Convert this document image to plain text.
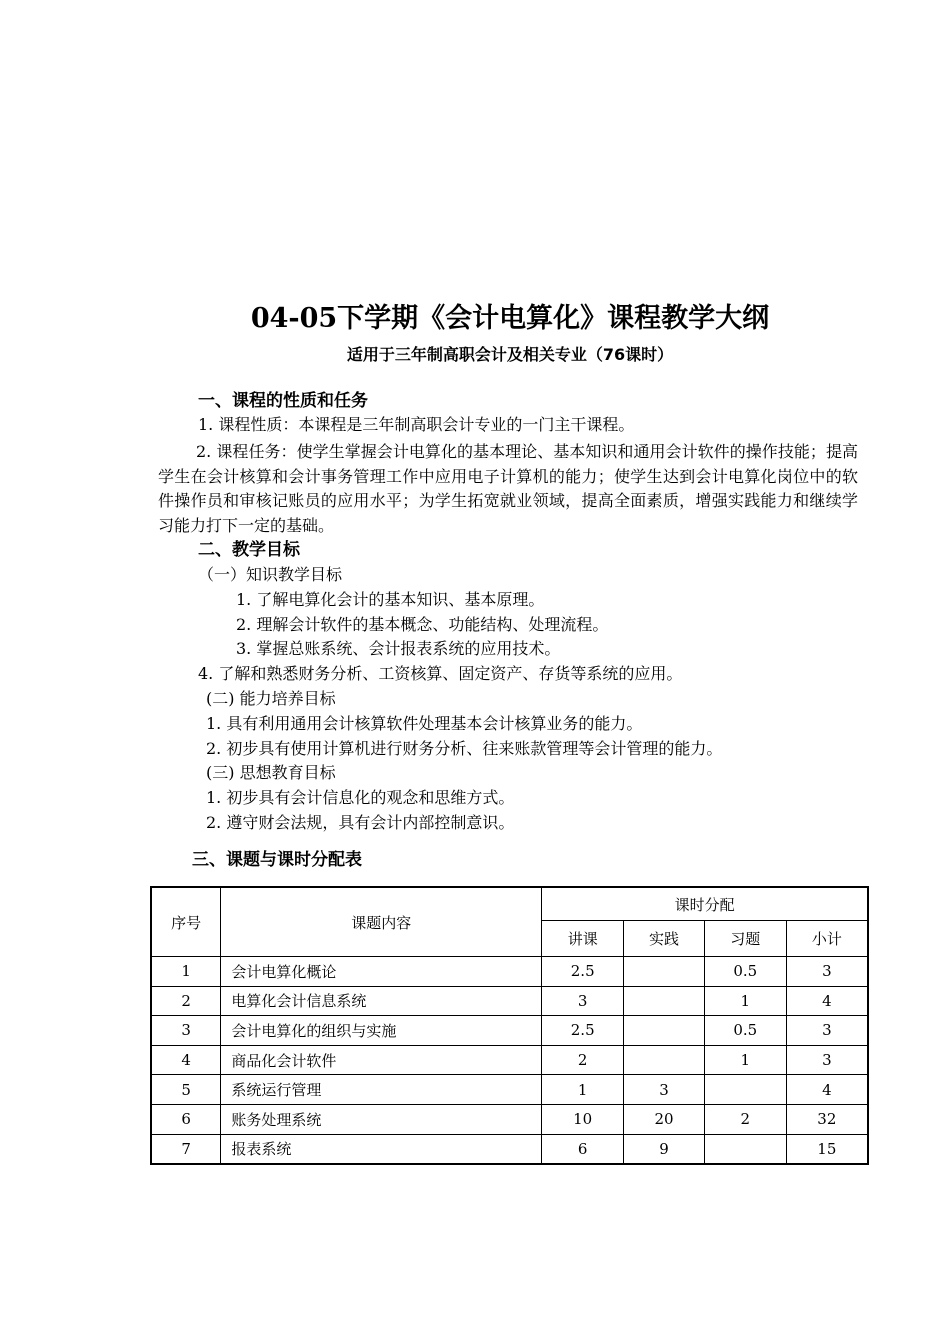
04-05下学期《会计电算化》课程教学大纲
适用于三年制高职会计及相关专业（76课时）
一、课程的性质和任务
1. 课程性质：本课程是三年制高职会计专业的一门主干课程。
2. 课程任务：使学生掌握会计电算化的基本理论、基本知识和通用会计软件的操作技能；提高学生在会计核算和会计事务管理工作中应用电子计算机的能力；使学生达到会计电算化岗位中的软件操作员和审核记账员的应用水平；为学生拓宽就业领域，提高全面素质，增强实践能力和继续学习能力打下一定的基础。
二、教学目标
（一）知识教学目标
1. 了解电算化会计的基本知识、基本原理。
2. 理解会计软件的基本概念、功能结构、处理流程。
3. 掌握总账系统、会计报表系统的应用技术。
4. 了解和熟悉财务分析、工资核算、固定资产、存货等系统的应用。
(二) 能力培养目标
1. 具有利用通用会计核算软件处理基本会计核算业务的能力。
2. 初步具有使用计算机进行财务分析、往来账款管理等会计管理的能力。
(三) 思想教育目标
1. 初步具有会计信息化的观念和思维方式。
2. 遵守财会法规，具有会计内部控制意识。
三、课题与课时分配表
序号	课题内容	课时分配			
		讲课	实践	习题	小计
1	会计电算化概论	2.5		0.5	3
2	电算化会计信息系统	3		1	4
3	会计电算化的组织与实施	2.5		0.5	3
4	商品化会计软件	2		1	3
5	系统运行管理	1	3		4
6	账务处理系统	10	20	2	32
7	报表系统	6	9		15
